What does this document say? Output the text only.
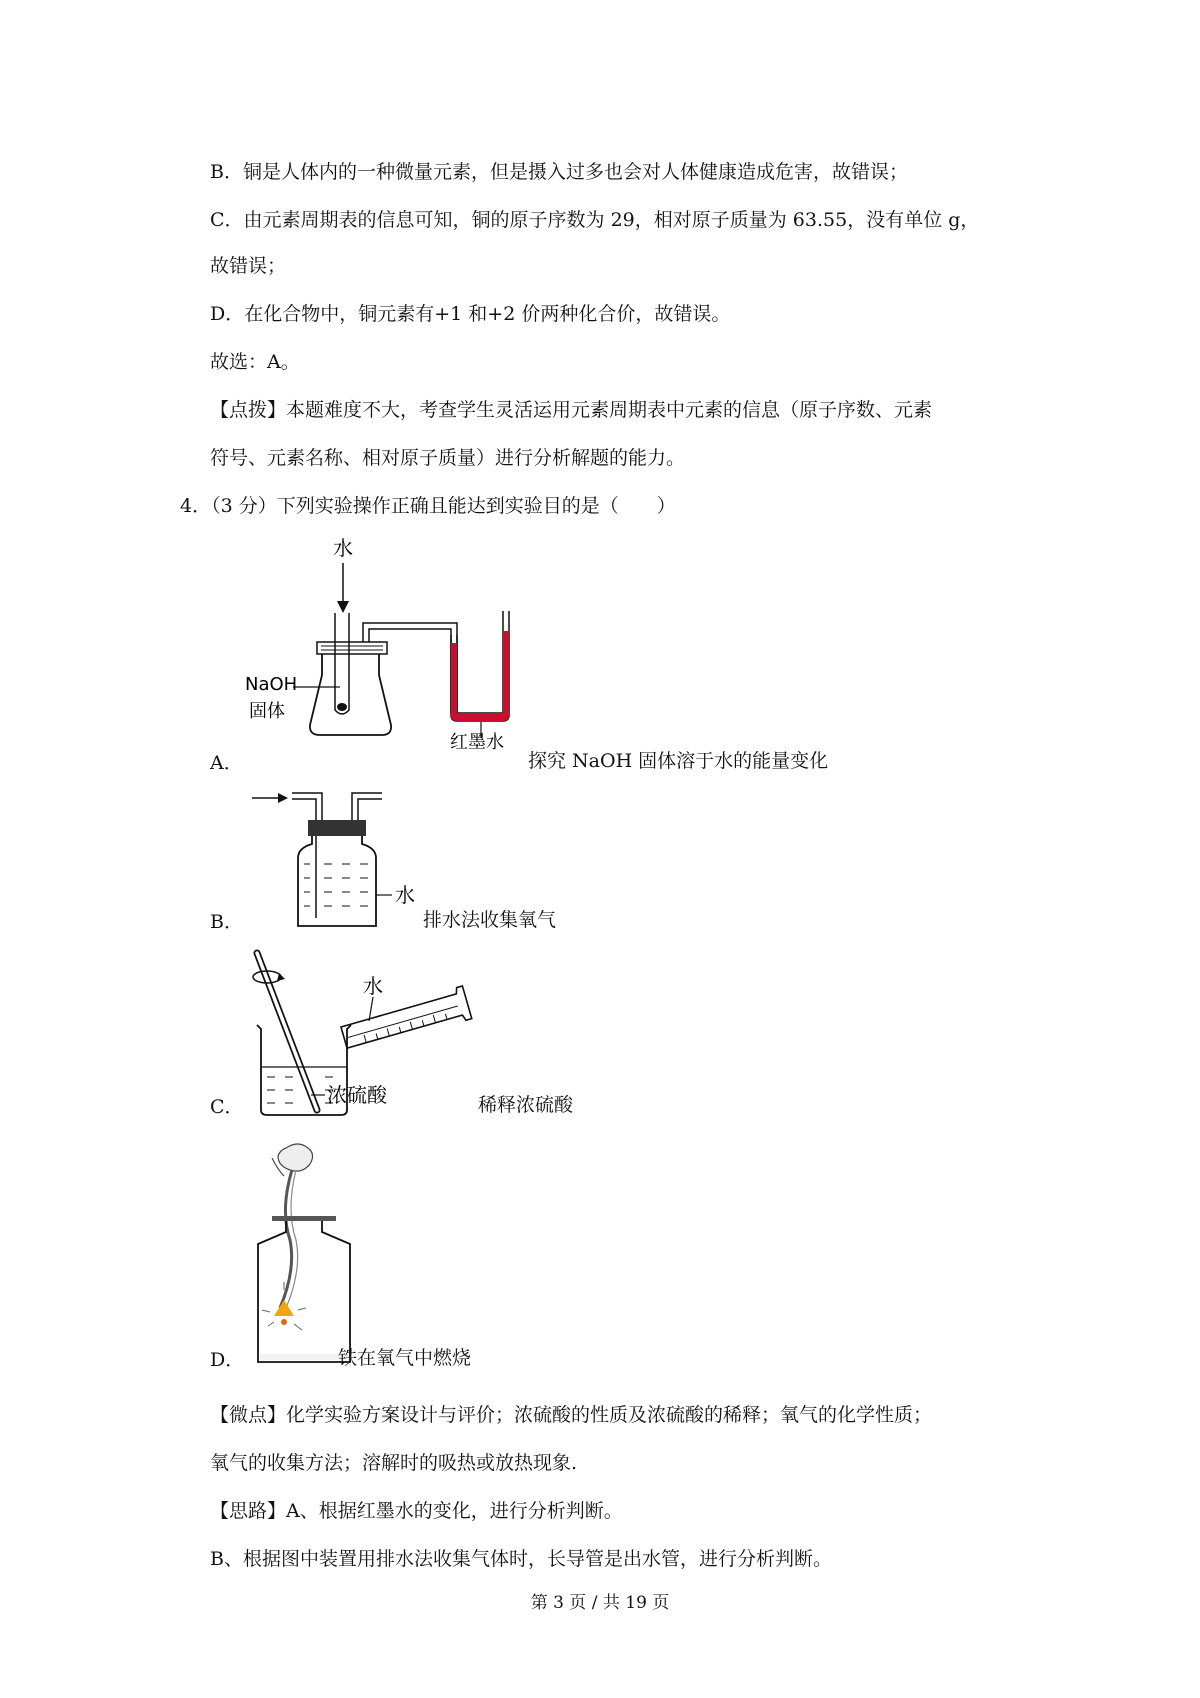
B．铜是人体内的一种微量元素，但是摄入过多也会对人体健康造成危害，故错误；
C．由元素周期表的信息可知，铜的原子序数为 29，相对原子质量为 63.55，没有单位 g，
故错误；
D．在化合物中，铜元素有+1 和+2 价两种化合价，故错误。
故选：A。
【点拨】本题难度不大，考查学生灵活运用元素周期表中元素的信息（原子序数、元素
符号、元素名称、相对原子质量）进行分析解题的能力。
4．（3 分）下列实验操作正确且能达到实验目的是（　　）
A．
水
NaOH
固体
红墨水
探究 NaOH 固体溶于水的能量变化
B．
水
排水法收集氧气
C．
水
浓硫酸	稀释浓硫酸
D．	铁在氧气中燃烧
【微点】化学实验方案设计与评价；浓硫酸的性质及浓硫酸的稀释；氧气的化学性质；
氧气的收集方法；溶解时的吸热或放热现象.
【思路】A、根据红墨水的变化，进行分析判断。
B、根据图中装置用排水法收集气体时，长导管是出水管，进行分析判断。
第 3 页 / 共 19 页
